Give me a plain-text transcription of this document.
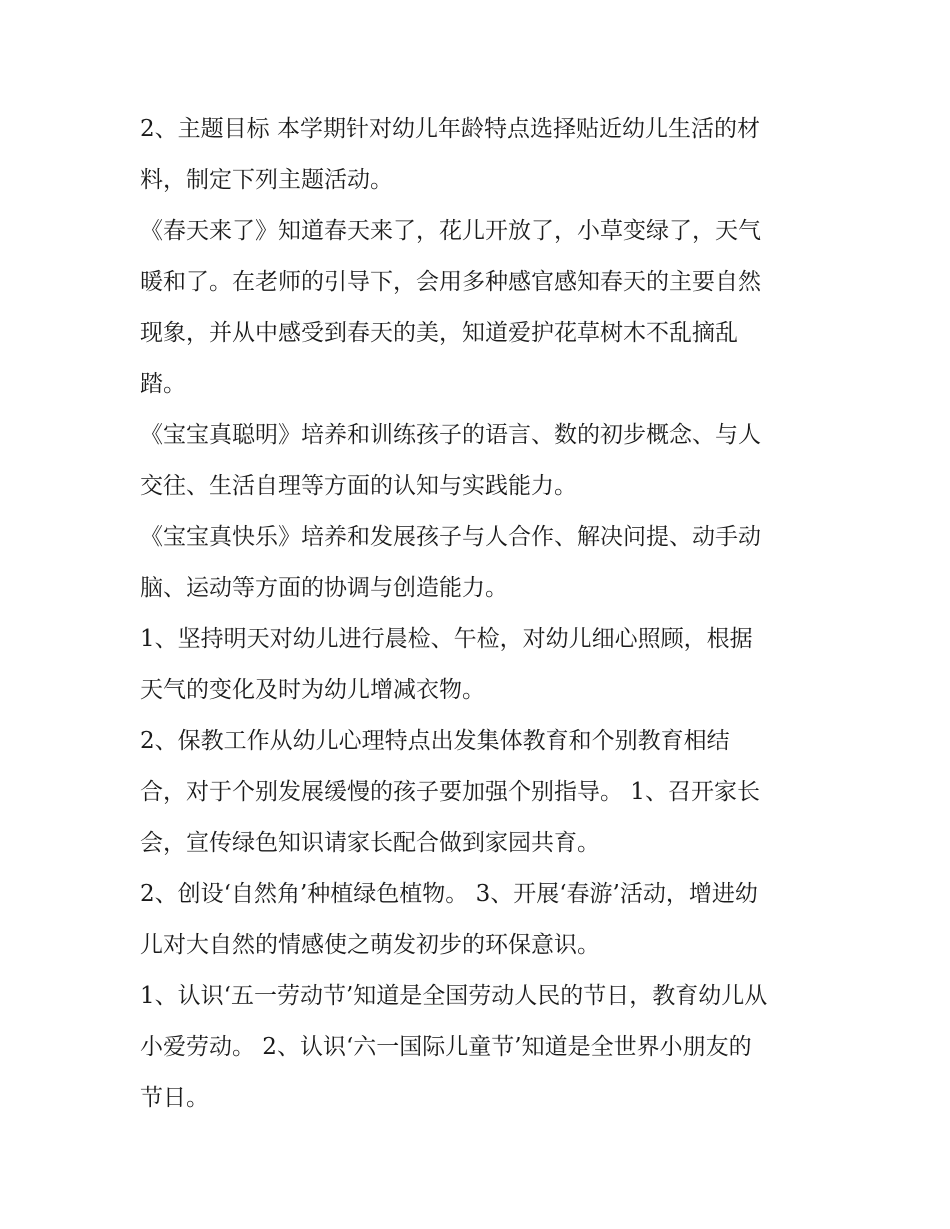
2、主题目标 本学期针对幼儿年龄特点选择贴近幼儿生活的材
料，制定下列主题活动。

《春天来了》知道春天来了，花儿开放了，小草变绿了，天气
暖和了。在老师的引导下，会用多种感官感知春天的主要自然
现象，并从中感受到春天的美，知道爱护花草树木不乱摘乱
踏。

《宝宝真聪明》培养和训练孩子的语言、数的初步概念、与人
交往、生活自理等方面的认知与实践能力。

《宝宝真快乐》培养和发展孩子与人合作、解决问提、动手动
脑、运动等方面的协调与创造能力。

1、坚持明天对幼儿进行晨检、午检，对幼儿细心照顾，根据
天气的变化及时为幼儿增减衣物。

2、保教工作从幼儿心理特点出发集体教育和个别教育相结
合，对于个别发展缓慢的孩子要加强个别指导。 1、召开家长
会，宣传绿色知识请家长配合做到家园共育。

2、创设‘自然角’种植绿色植物。 3、开展‘春游’活动，增进幼
儿对大自然的情感使之萌发初步的环保意识。

1、认识‘五一劳动节’知道是全国劳动人民的节日，教育幼儿从
小爱劳动。 2、认识‘六一国际儿童节’知道是全世界小朋友的
节日。
